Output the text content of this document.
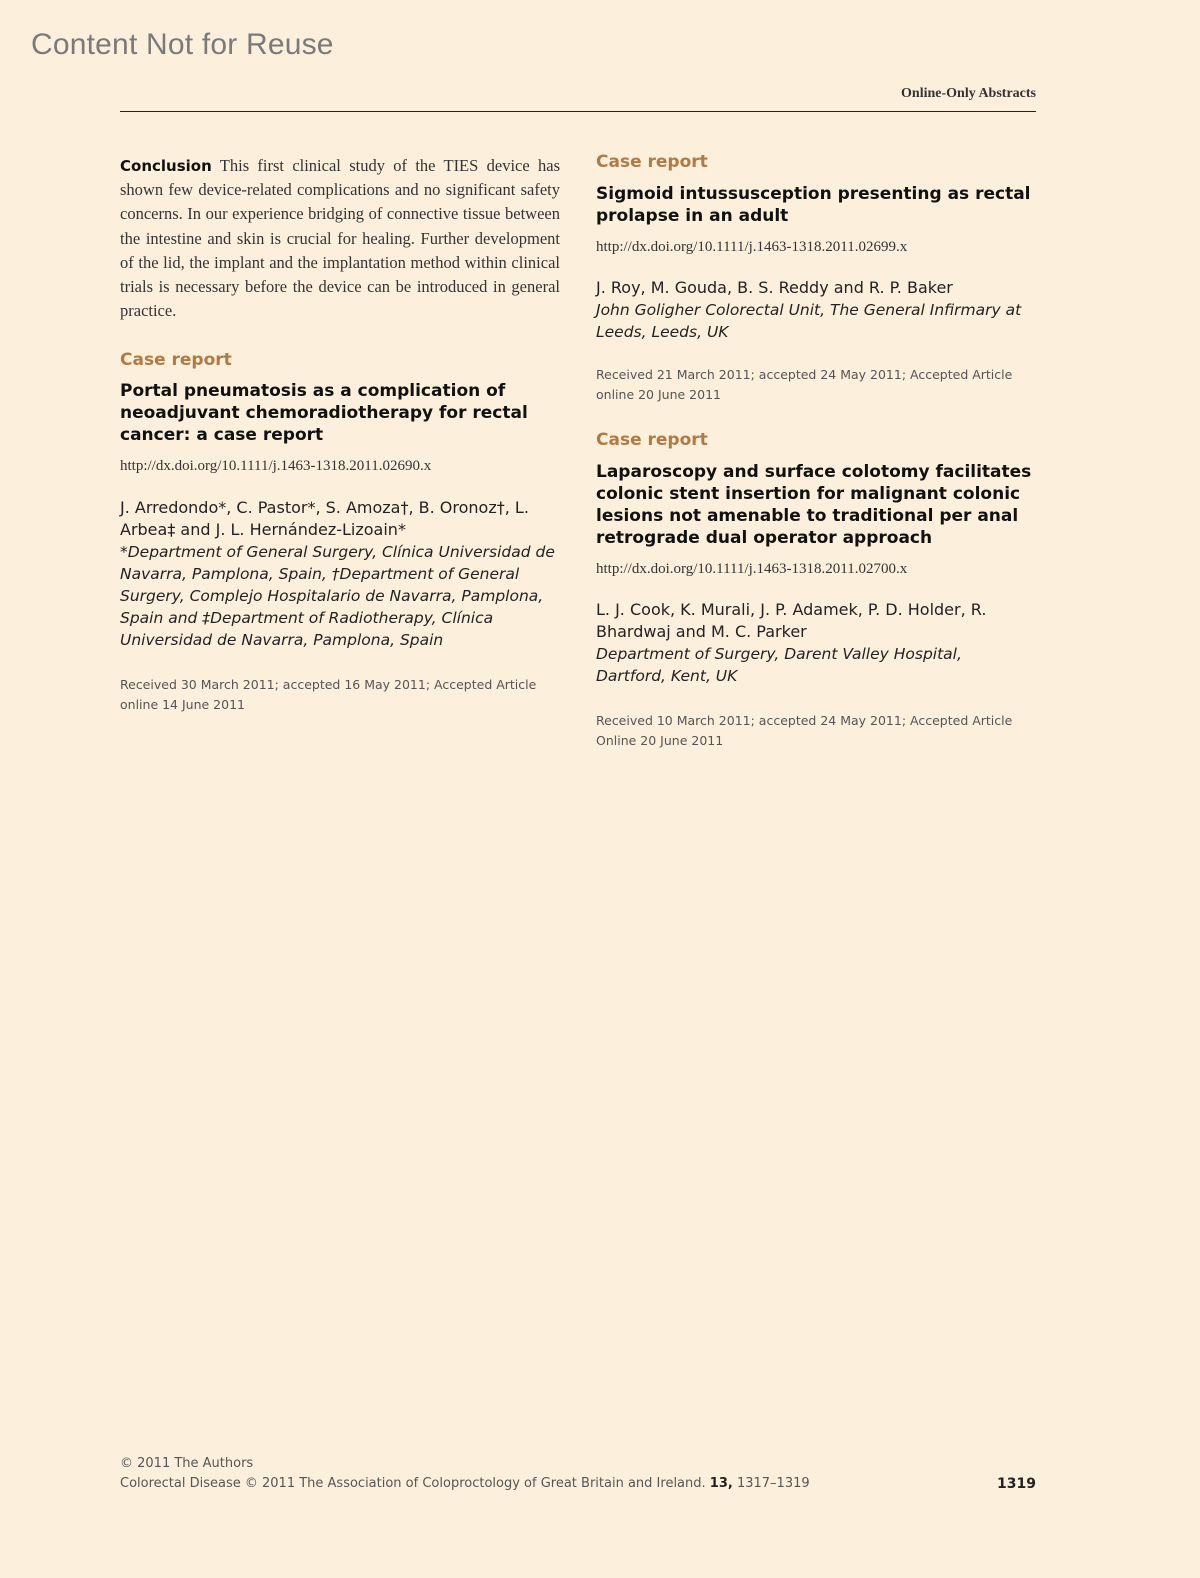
Content Not for Reuse
Online-Only Abstracts

Conclusion This first clinical study of the TIES device has shown few device-related complications and no significant safety concerns. In our experience bridging of connective tissue between the intestine and skin is crucial for healing. Further development of the lid, the implant and the implantation method within clinical trials is necessary before the device can be introduced in general practice.

Case report

Portal pneumatosis as a complication of neoadjuvant chemoradiotherapy for rectal cancer: a case report

http://dx.doi.org/10.1111/j.1463-1318.2011.02690.x

J. Arredondo*, C. Pastor*, S. Amoza†, B. Oronoz†, L. Arbea‡ and J. L. Hernández-Lizoain*

*Department of General Surgery, Clínica Universidad de Navarra, Pamplona, Spain, †Department of General Surgery, Complejo Hospitalario de Navarra, Pamplona, Spain and ‡Department of Radiotherapy, Clínica Universidad de Navarra, Pamplona, Spain

Received 30 March 2011; accepted 16 May 2011; Accepted Article online 14 June 2011

Case report

Sigmoid intussusception presenting as rectal prolapse in an adult

http://dx.doi.org/10.1111/j.1463-1318.2011.02699.x

J. Roy, M. Gouda, B. S. Reddy and R. P. Baker

John Goligher Colorectal Unit, The General Infirmary at Leeds, Leeds, UK

Received 21 March 2011; accepted 24 May 2011; Accepted Article online 20 June 2011

Case report

Laparoscopy and surface colotomy facilitates colonic stent insertion for malignant colonic lesions not amenable to traditional per anal retrograde dual operator approach

http://dx.doi.org/10.1111/j.1463-1318.2011.02700.x

L. J. Cook, K. Murali, J. P. Adamek, P. D. Holder, R. Bhardwaj and M. C. Parker

Department of Surgery, Darent Valley Hospital, Dartford, Kent, UK

Received 10 March 2011; accepted 24 May 2011; Accepted Article Online 20 June 2011

© 2011 The Authors
Colorectal Disease © 2011 The Association of Coloproctology of Great Britain and Ireland. 13, 1317–1319	1319
